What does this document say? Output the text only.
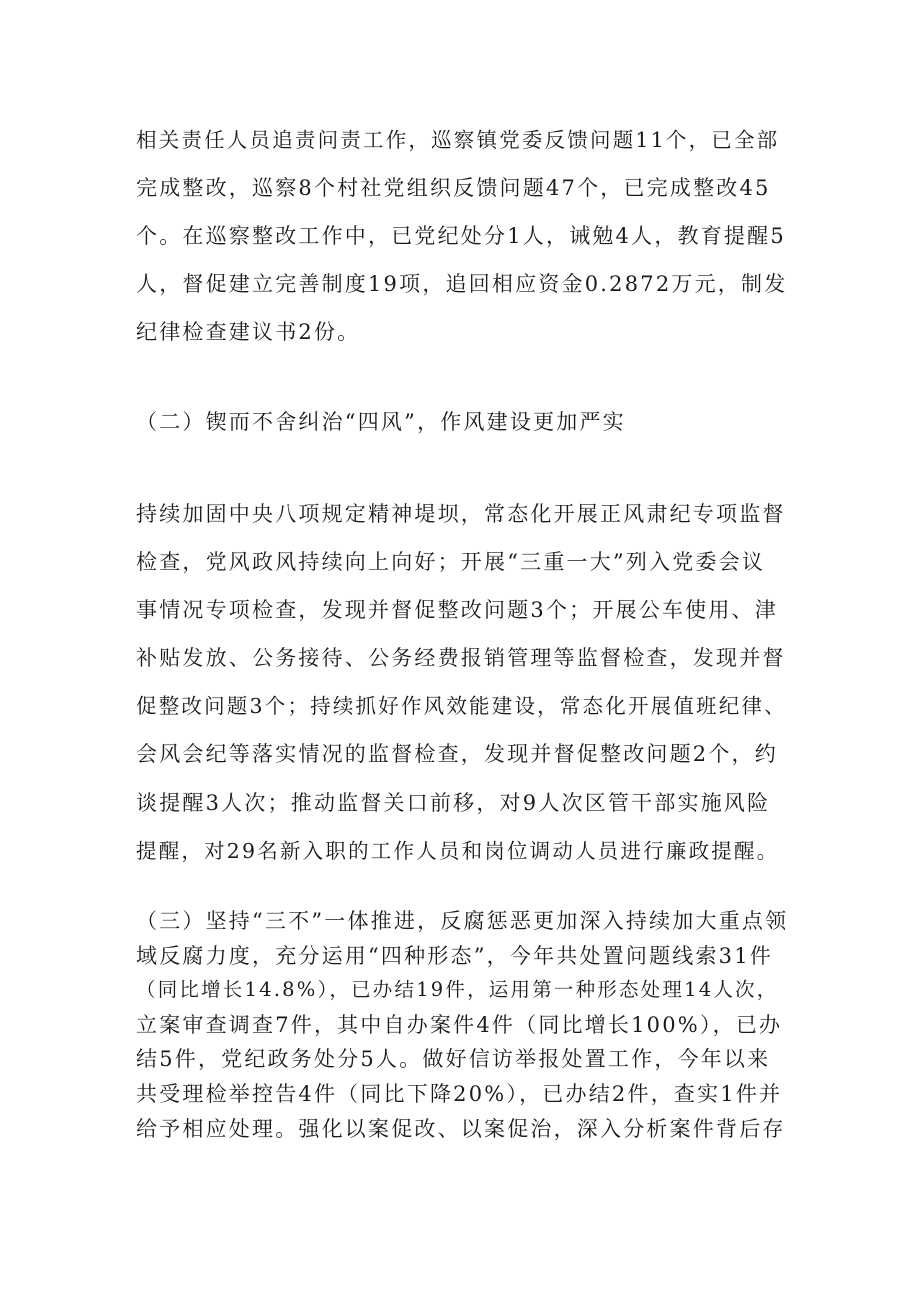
相关责任人员追责问责工作，巡察镇党委反馈问题11个，已全部
完成整改，巡察8个村社党组织反馈问题47个，已完成整改45
个。在巡察整改工作中，已党纪处分1人，诫勉4人，教育提醒5
人，督促建立完善制度19项，追回相应资金0.2872万元，制发
纪律检查建议书2份。
（二）锲而不舍纠治“四风”，作风建设更加严实
持续加固中央八项规定精神堤坝，常态化开展正风肃纪专项监督
检查，党风政风持续向上向好；开展“三重一大”列入党委会议
事情况专项检查，发现并督促整改问题3个；开展公车使用、津
补贴发放、公务接待、公务经费报销管理等监督检查，发现并督
促整改问题3个；持续抓好作风效能建设，常态化开展值班纪律、
会风会纪等落实情况的监督检查，发现并督促整改问题2个，约
谈提醒3人次；推动监督关口前移，对9人次区管干部实施风险
提醒，对29名新入职的工作人员和岗位调动人员进行廉政提醒。
（三）坚持“三不”一体推进，反腐惩恶更加深入持续加大重点领
域反腐力度，充分运用“四种形态”，今年共处置问题线索31件
（同比增长14.8%），已办结19件，运用第一种形态处理14人次，
立案审查调查7件，其中自办案件4件（同比增长100%），已办
结5件，党纪政务处分5人。做好信访举报处置工作，今年以来
共受理检举控告4件（同比下降20%），已办结2件，查实1件并
给予相应处理。强化以案促改、以案促治，深入分析案件背后存
